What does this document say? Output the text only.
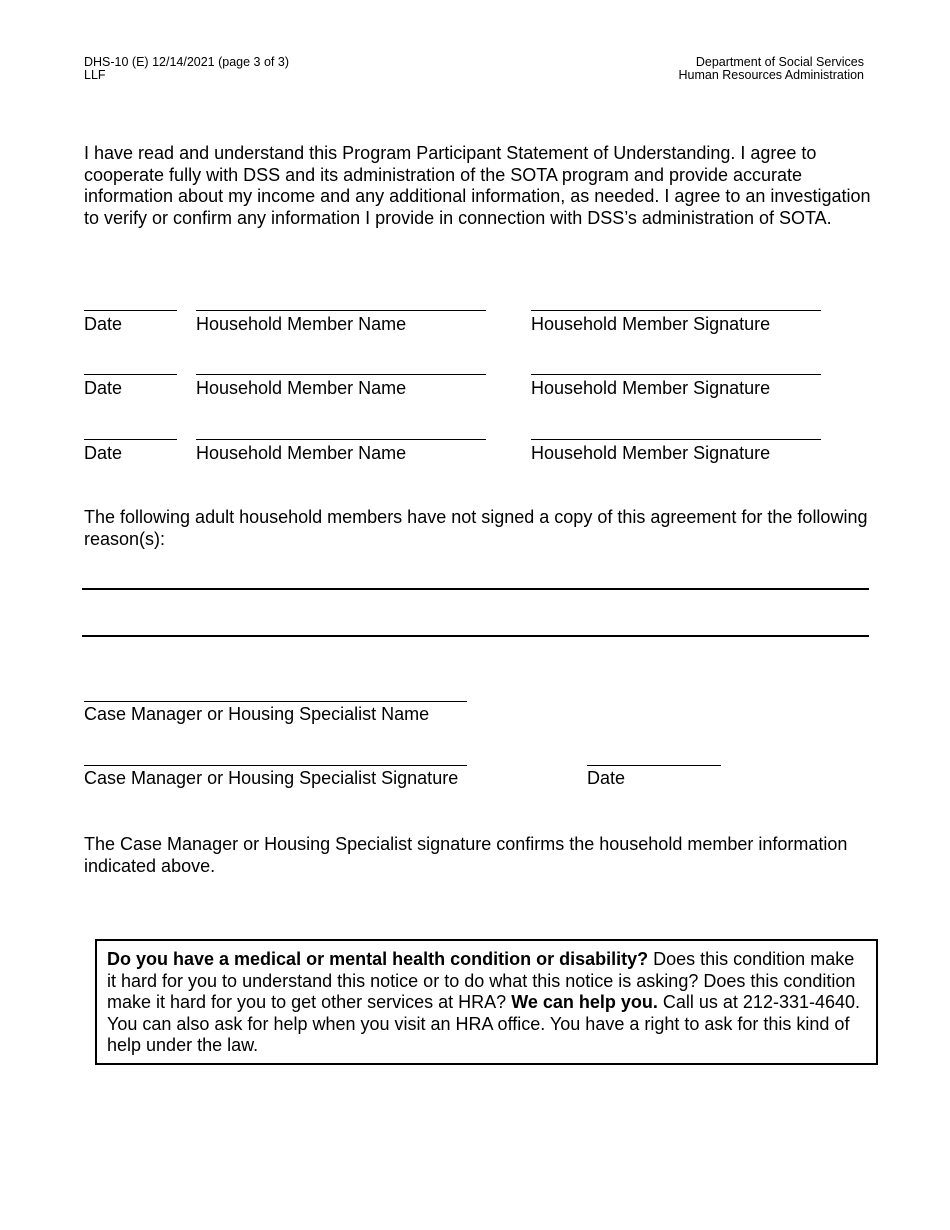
DHS-10 (E) 12/14/2021 (page 3 of 3)
LLF
Department of Social Services
Human Resources Administration
I have read and understand this Program Participant Statement of Understanding. I agree to cooperate fully with DSS and its administration of the SOTA program and provide accurate information about my income and any additional information, as needed. I agree to an investigation to verify or confirm any information I provide in connection with DSS’s administration of SOTA.
Date	Household Member Name	Household Member Signature
Date	Household Member Name	Household Member Signature
Date	Household Member Name	Household Member Signature
The following adult household members have not signed a copy of this agreement for the following reason(s):
Case Manager or Housing Specialist Name
Case Manager or Housing Specialist Signature	Date
The Case Manager or Housing Specialist signature confirms the household member information indicated above.
Do you have a medical or mental health condition or disability? Does this condition make it hard for you to understand this notice or to do what this notice is asking? Does this condition make it hard for you to get other services at HRA? We can help you. Call us at 212-331-4640. You can also ask for help when you visit an HRA office. You have a right to ask for this kind of help under the law.
